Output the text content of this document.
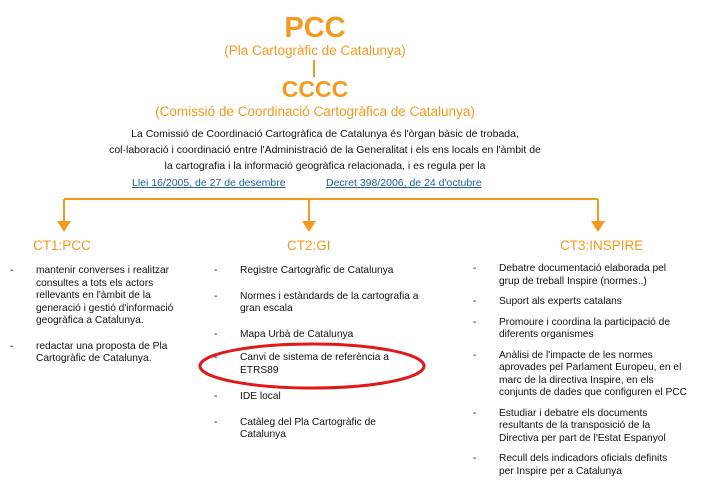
PCC
(Pla Cartogràfic de Catalunya)
CCCC
(Comissió de Coordinació Cartogràfica de Catalunya)
La Comissió de Coordinació Cartogràfica de Catalunya és l'òrgan bàsic de trobada,
col·laboració i coordinació entre l'Administració de la Generalitat i els ens locals en l'àmbit de
la cartografia i la informació geogràfica relacionada, i es regula per la
Llei 16/2005, de 27 de desembre	Decret 398/2006, de 24 d'octubre
CT1:PCC	CT2:GI	CT3:INSPIRE
- mantenir converses i realitzar
consultes a tots els actors
rellevants en l'àmbit de la
generació i gestió d'informació
geogràfica a Catalunya.
- redactar una proposta de Pla
Cartogràfic de Catalunya.
- Registre Cartogràfic de Catalunya
- Normes i estàndards de la cartografia a
gran escala
- Mapa Urbà de Catalunya
- Canvi de sistema de referència a
ETRS89
- IDE local
- Catàleg del Pla Cartogràfic de
Catalunya
- Debatre documentació elaborada pel
grup de treball Inspire (normes..)
- Suport als experts catalans
- Promoure i coordina la participació de
diferents organismes
- Anàlisi de l'impacte de les normes
aprovades pel Parlament Europeu, en el
marc de la directiva Inspire, en els
conjunts de dades que configuren el PCC
- Estudiar i debatre els documents
resultants de la transposició de la
Directiva per part de l'Estat Espanyol
- Recull dels indicadors oficials definits
per Inspire per a Catalunya
